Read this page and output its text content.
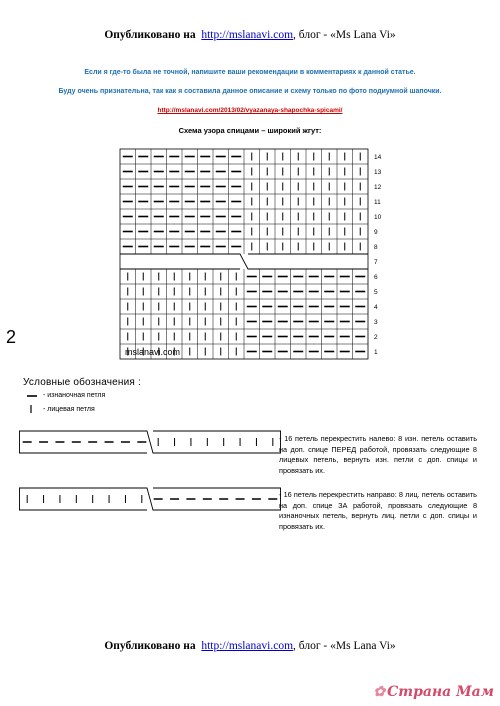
Опубликовано на http://mslanavi.com, блог - «Ms Lana Vi»
Если я где-то была не точной, напишите ваши рекомендации в комментариях к данной статье.
Буду очень признательна, так как я составила данное описание и схему только по фото подиумной шапочки.
http://mslanavi.com/2013/02/vyazanaya-shapochka-spicami/
Схема узора спицами – широкий жгут:
2
14
13
12
11
10
9
8
7
6
5
4
3
2
1
mslanavi.com
Условные обозначения :
- изнаночная петля
- лицевая петля
- 16 петель перекрестить налево: 8 изн. петель оставить на доп. спице ПЕРЕД работой, провязать следующие 8 лицевых петель, вернуть изн. петли с доп. спицы и провязать их.
- 16 петель перекрестить направо: 8 лиц. петель оставить на доп. спице ЗА работой, провязать следующие 8 изнаночных петель, вернуть лиц. петли с доп. спицы и провязать их.
Опубликовано на http://mslanavi.com, блог - «Ms Lana Vi»
✿ Страна Мам
